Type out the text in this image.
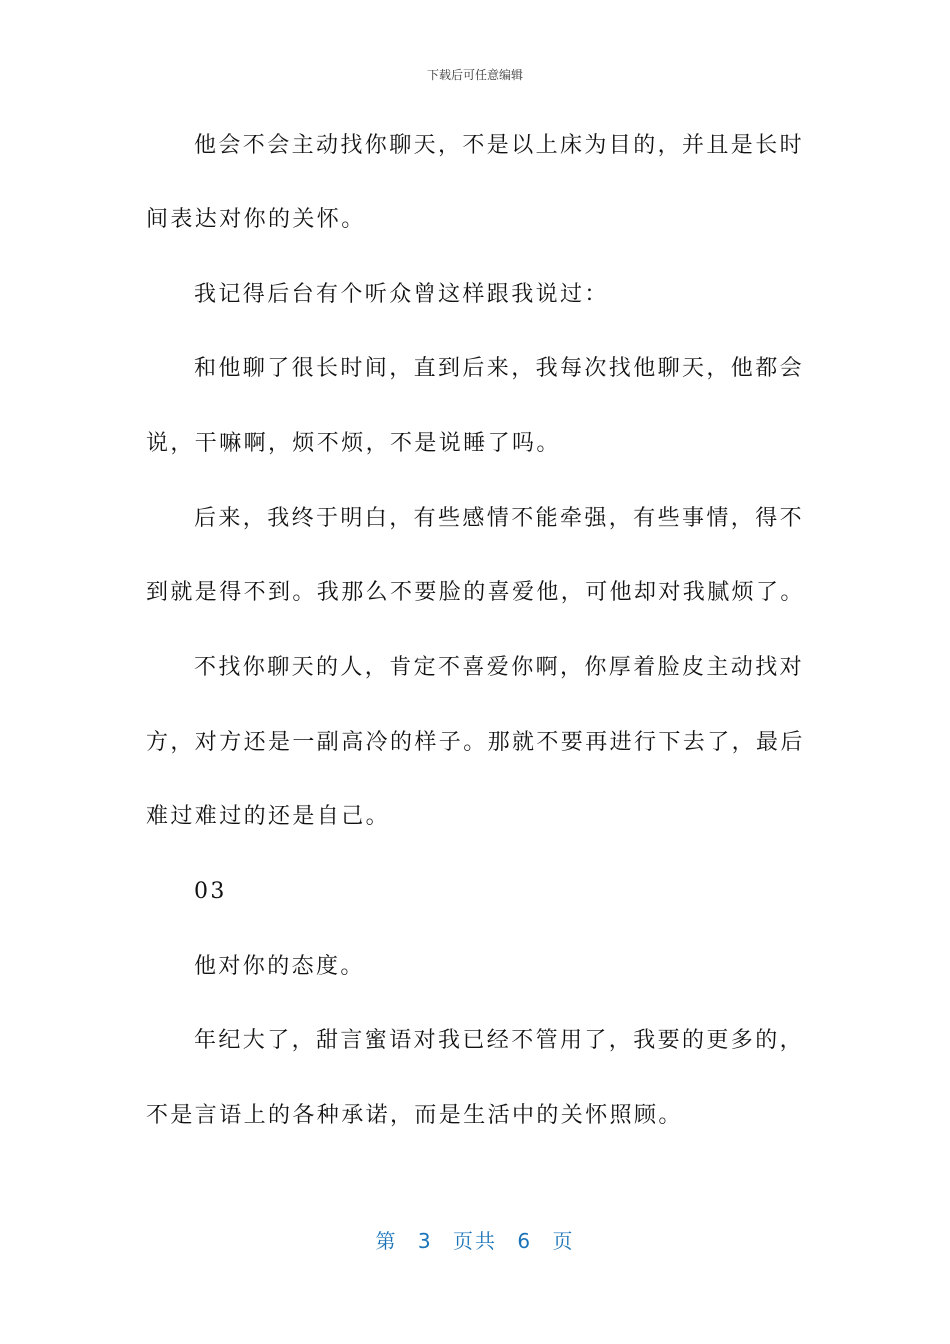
下载后可任意编辑
他会不会主动找你聊天，不是以上床为目的，并且是长时
间表达对你的关怀。
我记得后台有个听众曾这样跟我说过：
和他聊了很长时间，直到后来，我每次找他聊天，他都会
说，干嘛啊，烦不烦，不是说睡了吗。
后来，我终于明白，有些感情不能牵强，有些事情，得不
到就是得不到。我那么不要脸的喜爱他，可他却对我腻烦了。
不找你聊天的人，肯定不喜爱你啊，你厚着脸皮主动找对
方，对方还是一副高冷的样子。那就不要再进行下去了，最后
难过难过的还是自己。
03
他对你的态度。
年纪大了，甜言蜜语对我已经不管用了，我要的更多的，
不是言语上的各种承诺，而是生活中的关怀照顾。
第 3 页共 6 页
